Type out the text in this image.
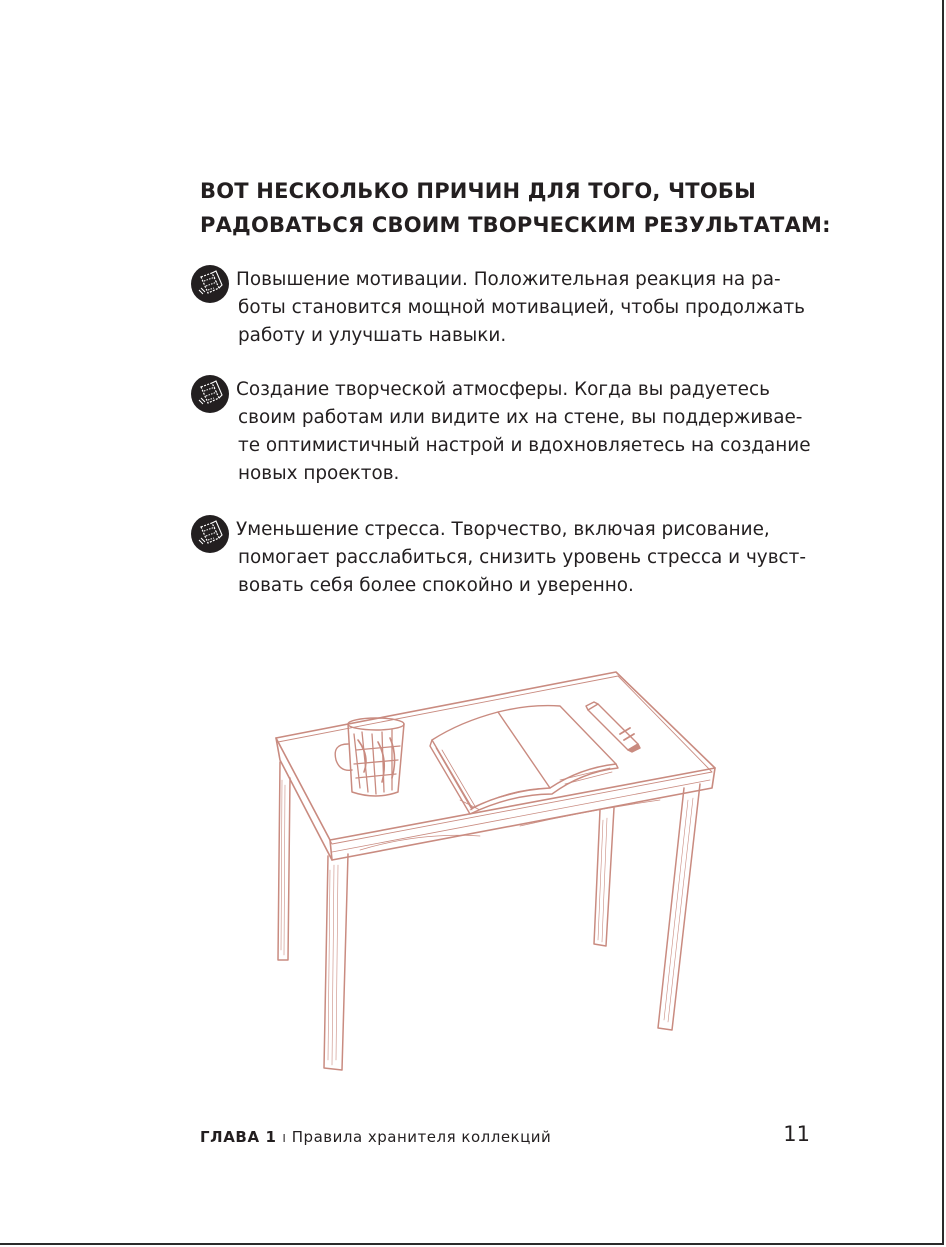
ВОТ НЕСКОЛЬКО ПРИЧИН ДЛЯ ТОГО, ЧТОБЫ
РАДОВАТЬСЯ СВОИМ ТВОРЧЕСКИМ РЕЗУЛЬТАТАМ:
Повышение мотивации. Положительная реакция на ра-
боты становится мощной мотивацией, чтобы продолжать
работу и улучшать навыки.
Создание творческой атмосферы. Когда вы радуетесь
своим работам или видите их на стене, вы поддерживае-
те оптимистичный настрой и вдохновляетесь на создание
новых проектов.
Уменьшение стресса. Творчество, включая рисование,
помогает расслабиться, снизить уровень стресса и чувст-
вовать себя более спокойно и уверенно.
ГЛАВА 1 I Правила хранителя коллекций	11
